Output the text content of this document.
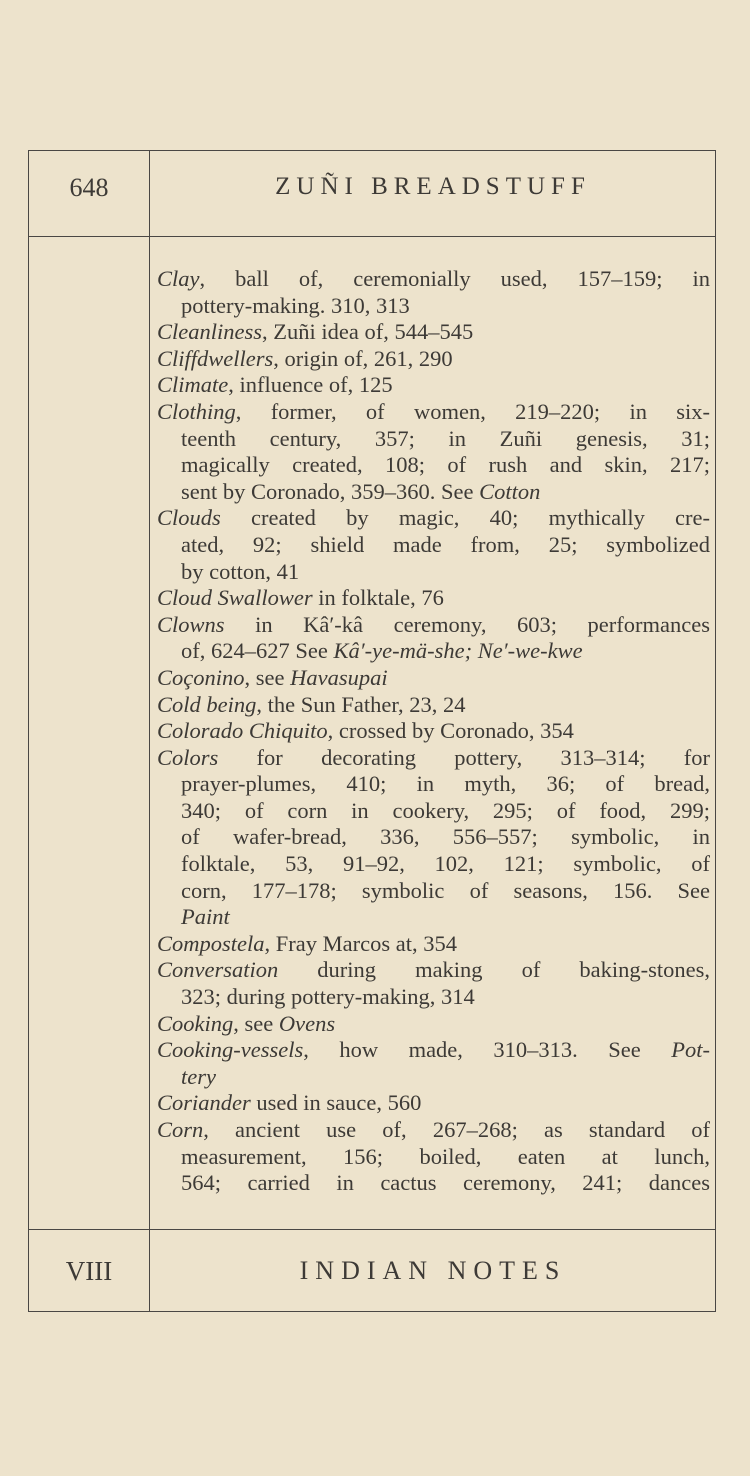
648	ZUÑI BREADSTUFF
VIII	INDIAN NOTES
Clay, ball of, ceremonially used, 157–159; in
pottery-making. 310, 313
Cleanliness, Zuñi idea of, 544–545
Cliffdwellers, origin of, 261, 290
Climate, influence of, 125
Clothing, former, of women, 219–220; in six-
teenth century, 357; in Zuñi genesis, 31;
magically created, 108; of rush and skin, 217;
sent by Coronado, 359–360. See Cotton
Clouds created by magic, 40; mythically cre-
ated, 92; shield made from, 25; symbolized
by cotton, 41
Cloud Swallower in folktale, 76
Clowns in Kâ′-kâ ceremony, 603; performances
of, 624–627 See Kâ′-ye-mä-she; Ne′-we-kwe
Coçonino, see Havasupai
Cold being, the Sun Father, 23, 24
Colorado Chiquito, crossed by Coronado, 354
Colors for decorating pottery, 313–314; for
prayer-plumes, 410; in myth, 36; of bread,
340; of corn in cookery, 295; of food, 299;
of wafer-bread, 336, 556–557; symbolic, in
folktale, 53, 91–92, 102, 121; symbolic, of
corn, 177–178; symbolic of seasons, 156. See
Paint
Compostela, Fray Marcos at, 354
Conversation during making of baking-stones,
323; during pottery-making, 314
Cooking, see Ovens
Cooking-vessels, how made, 310–313. See Pot-
tery
Coriander used in sauce, 560
Corn, ancient use of, 267–268; as standard of
measurement, 156; boiled, eaten at lunch,
564; carried in cactus ceremony, 241; dances
